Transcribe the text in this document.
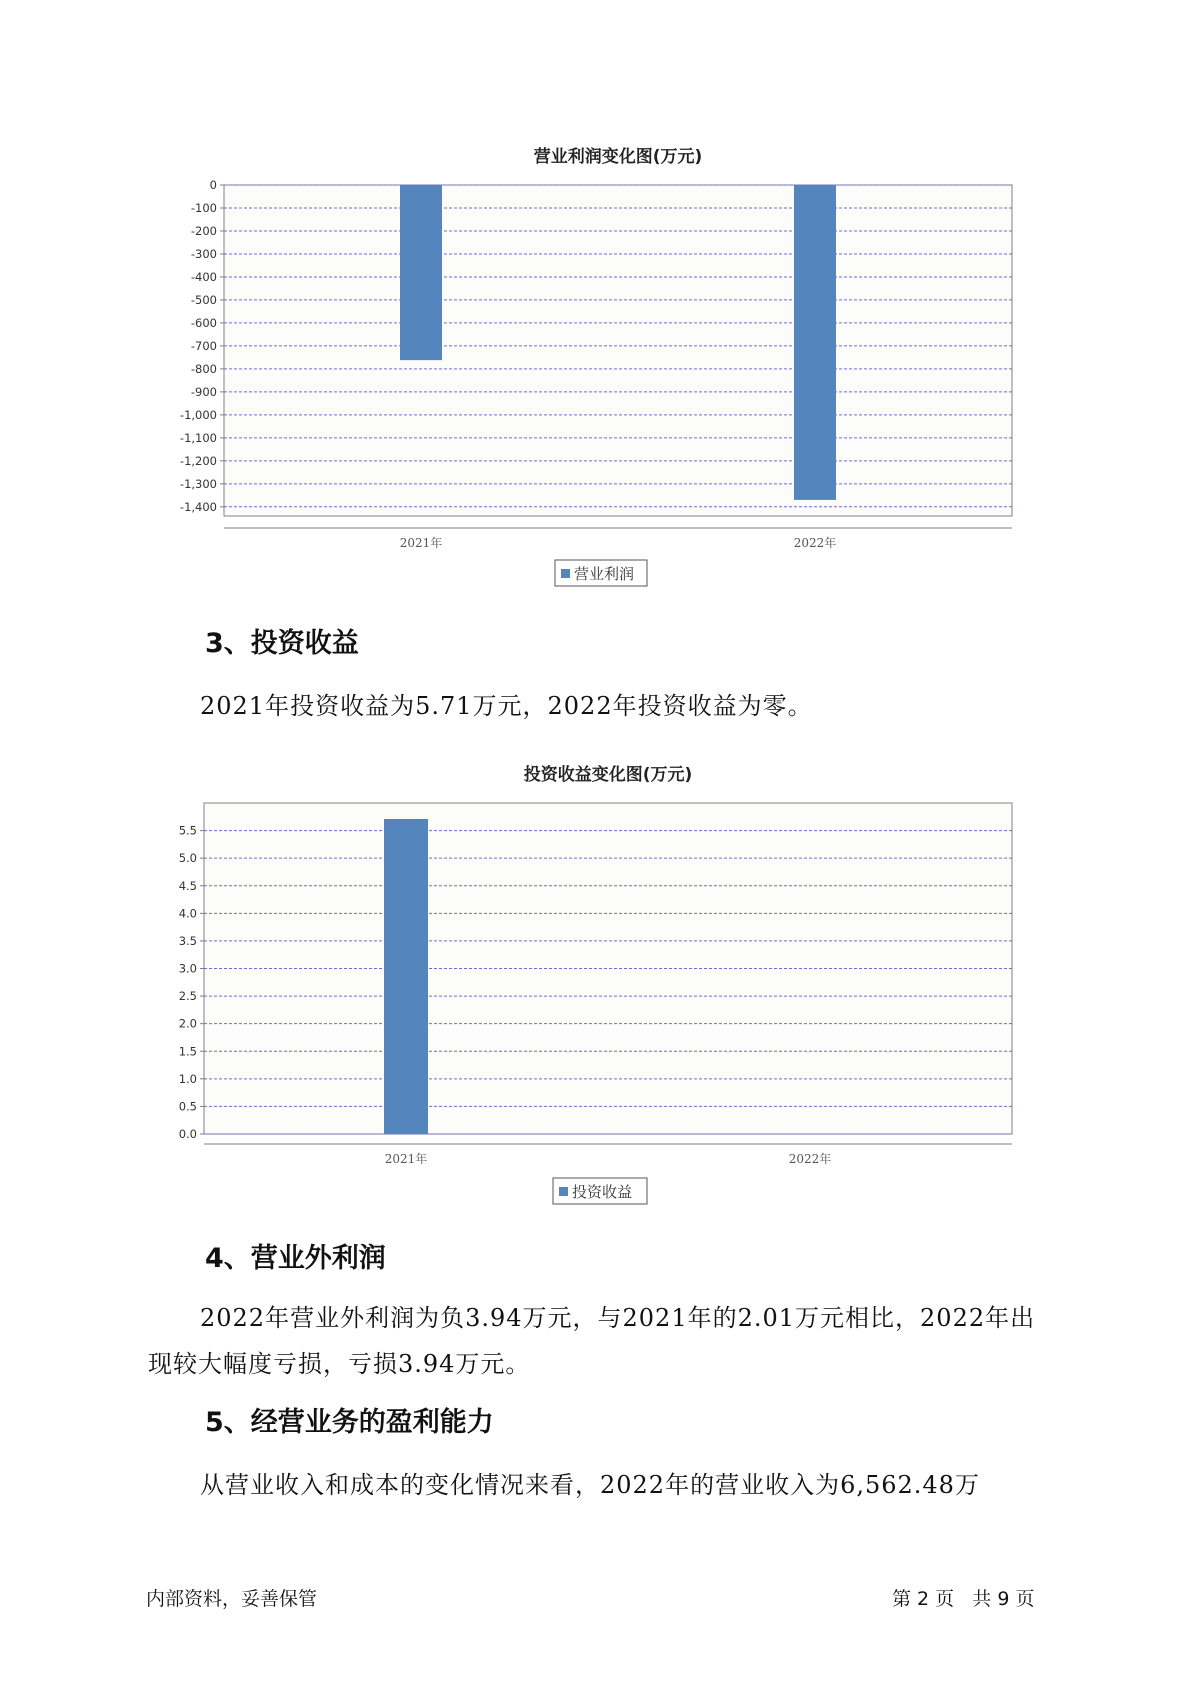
营业利润变化图(万元)
0
-100
-200
-300
-400
-500
-600
-700
-800
-900
-1,000
-1,100
-1,200
-1,300
-1,400
2021年	2022年
营业利润
3、投资收益

2021年投资收益为5.71万元，2022年投资收益为零。

投资收益变化图(万元)
0.0
0.5
1.0
1.5
2.0
2.5
3.0
3.5
4.0
4.5
5.0
5.5
2021年	2022年
投资收益
4、营业外利润

2022年营业外利润为负3.94万元，与2021年的2.01万元相比，2022年出现较大幅度亏损，亏损3.94万元。

5、经营业务的盈利能力

从营业收入和成本的变化情况来看，2022年的营业收入为6,562.48万

内部资料，妥善保管	第 2 页   共 9 页
